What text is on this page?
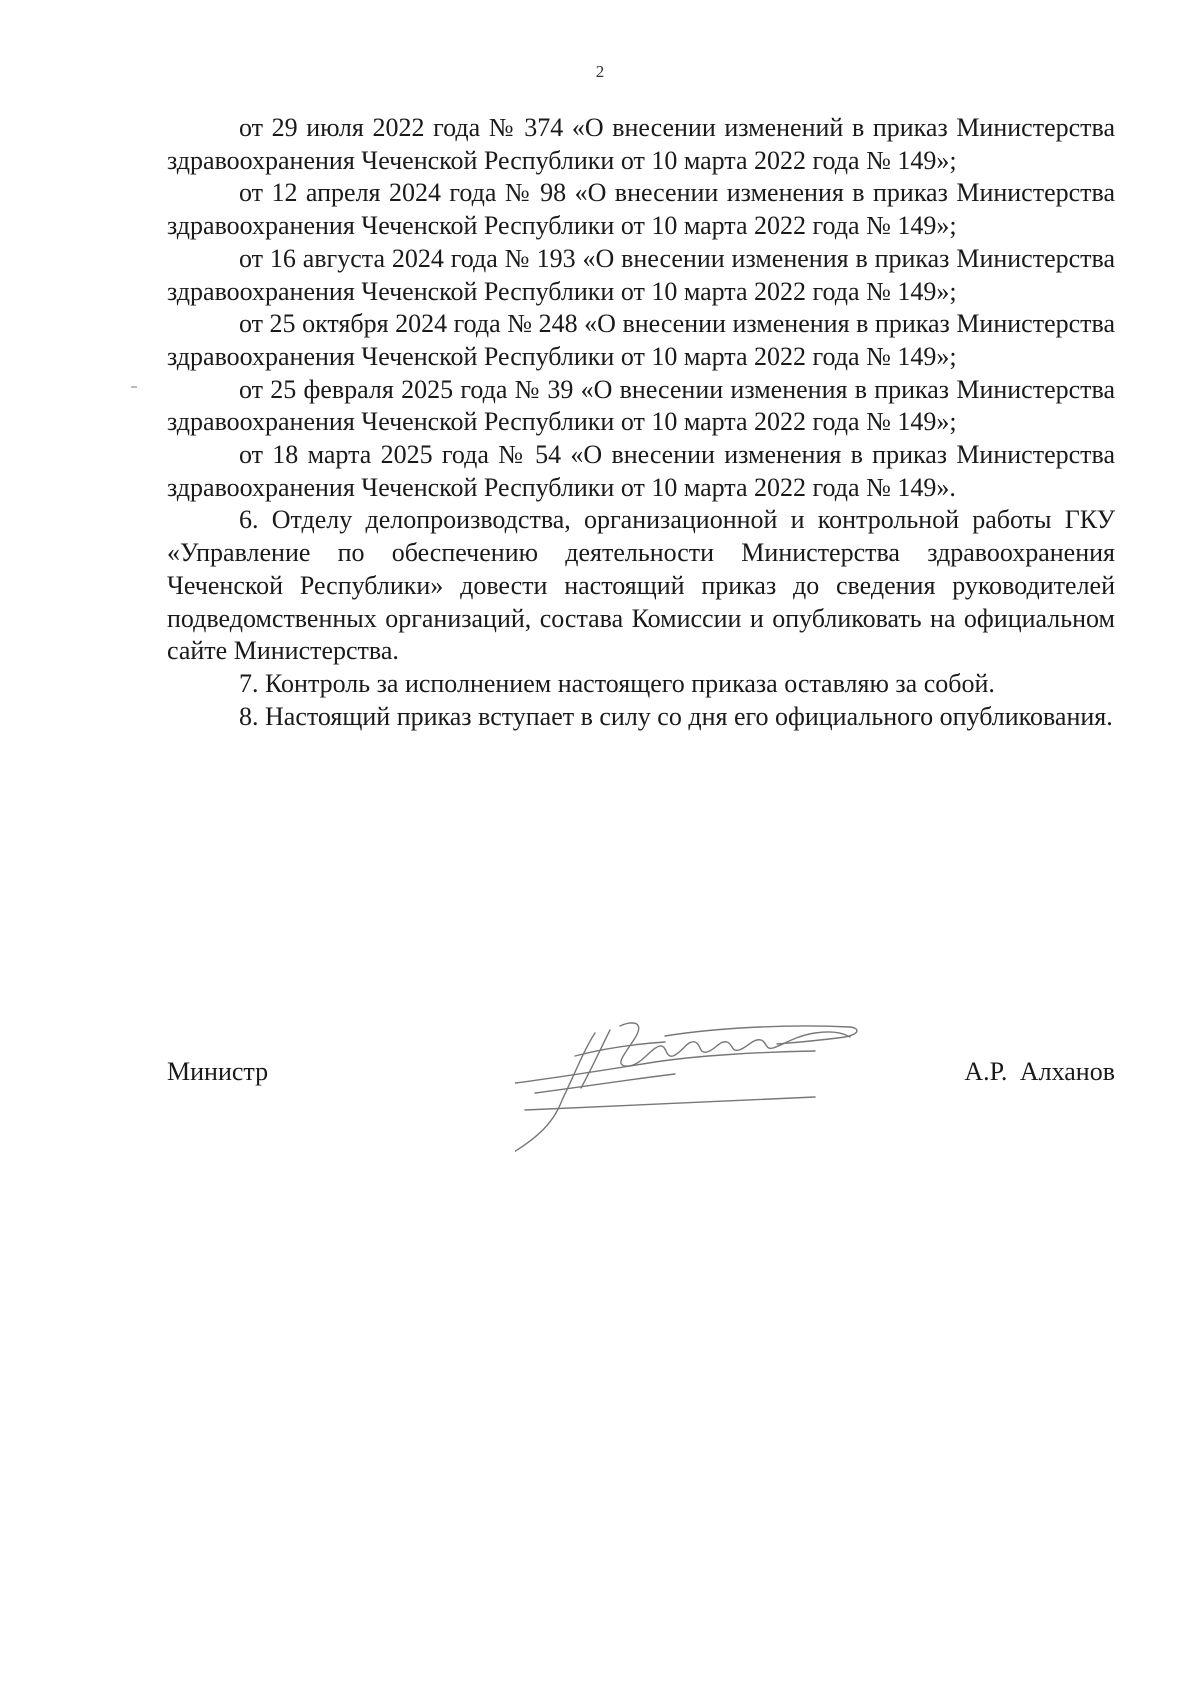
2

от 29 июля 2022 года № 374 «О внесении изменений в приказ Министерства здравоохранения Чеченской Республики от 10 марта 2022 года № 149»;

от 12 апреля 2024 года № 98 «О внесении изменения в приказ Министерства здравоохранения Чеченской Республики от 10 марта 2022 года № 149»;

от 16 августа 2024 года № 193 «О внесении изменения в приказ Министерства здравоохранения Чеченской Республики от 10 марта 2022 года № 149»;

от 25 октября 2024 года № 248 «О внесении изменения в приказ Министерства здравоохранения Чеченской Республики от 10 марта 2022 года № 149»;

от 25 февраля 2025 года № 39 «О внесении изменения в приказ Министерства здравоохранения Чеченской Республики от 10 марта 2022 года № 149»;

от 18 марта 2025 года № 54 «О внесении изменения в приказ Министерства здравоохранения Чеченской Республики от 10 марта 2022 года № 149».

6. Отделу делопроизводства, организационной и контрольной работы ГКУ «Управление по обеспечению деятельности Министерства здравоохранения Чеченской Республики» довести настоящий приказ до сведения руководителей подведомственных организаций, состава Комиссии и опубликовать на официальном сайте Министерства.

7. Контроль за исполнением настоящего приказа оставляю за собой.

8. Настоящий приказ вступает в силу со дня его официального опубликования.

Министр	А.Р. Алханов
